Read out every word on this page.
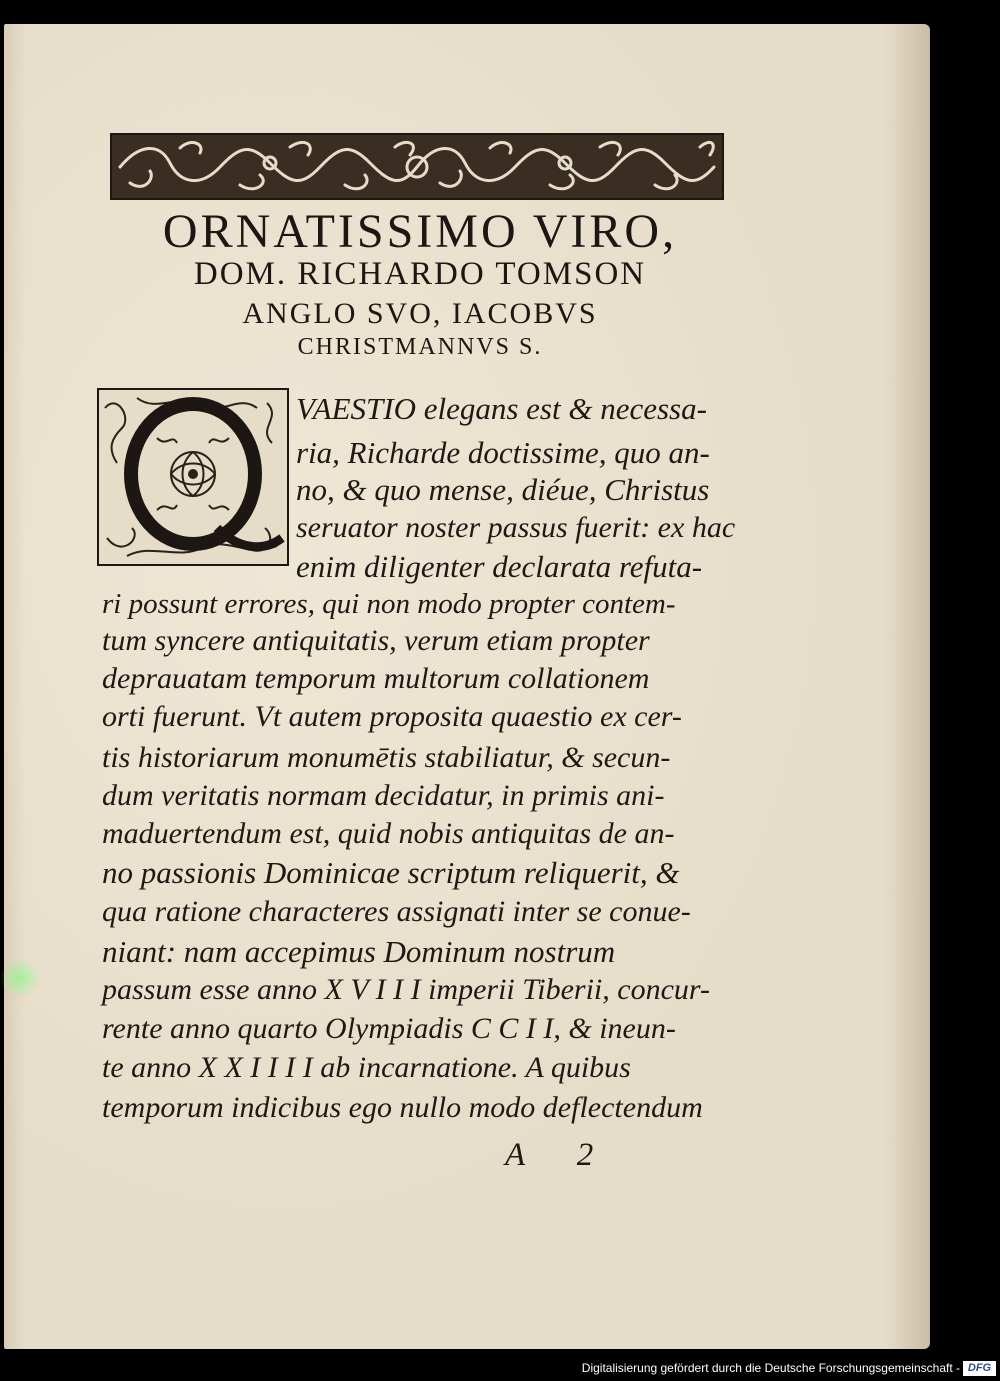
ORNATISSIMO VIRO,
DOM. RICHARDO TOMSON
ANGLO SVO, IACOBVS
CHRISTMANNVS S.
VAESTIO elegans est & necessa-
ria, Richarde doctissime, quo an-
no, & quo mense, diéue, Christus
seruator noster passus fuerit: ex hac
enim diligenter declarata refuta-
ri possunt errores, qui non modo propter contem-
tum syncere antiquitatis, verum etiam propter
deprauatam temporum multorum collationem
orti fuerunt. Vt autem proposita quaestio ex cer-
tis historiarum monumētis stabiliatur, & secun-
dum veritatis normam decidatur, in primis ani-
maduertendum est, quid nobis antiquitas de an-
no passionis Dominicae scriptum reliquerit, &
qua ratione characteres assignati inter se conue-
niant: nam accepimus Dominum nostrum
passum esse anno X V I I I imperii Tiberii, concur-
rente anno quarto Olympiadis C C I I, & ineun-
te anno X X I I I I ab incarnatione. A quibus
temporum indicibus ego nullo modo deflectendum
A 2
Digitalisierung gefördert durch die Deutsche Forschungsgemeinschaft - DFG
